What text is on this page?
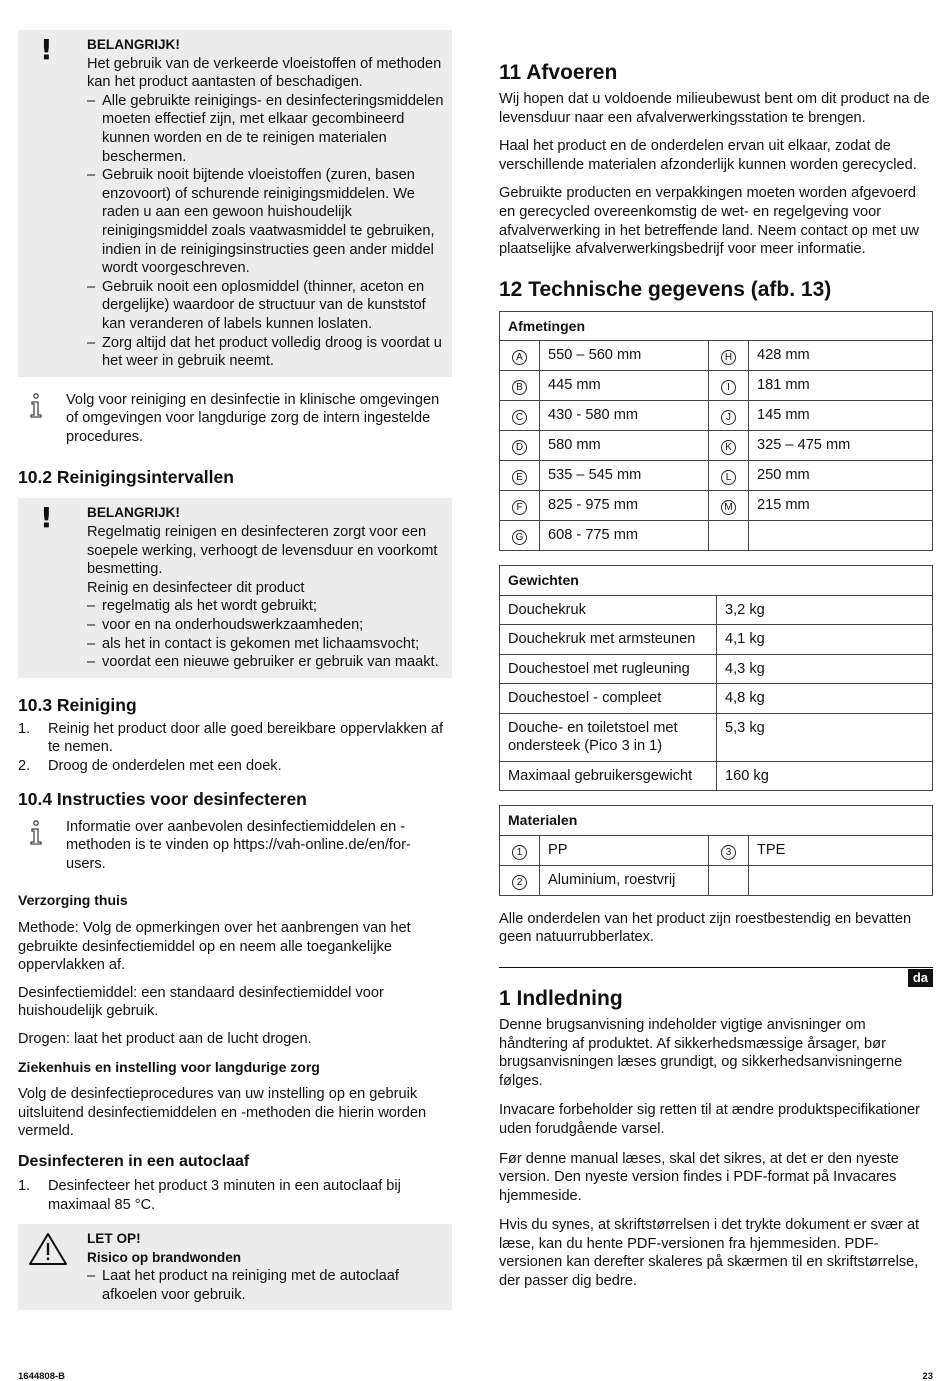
!	BELANGRIJK!

Het gebruik van de verkeerde vloeistoffen of methoden kan het product aantasten of beschadigen.

– Alle gebruikte reinigings- en desinfecteringsmiddelen moeten effectief zijn, met elkaar gecombineerd kunnen worden en de te reinigen materialen beschermen.

– Gebruik nooit bijtende vloeistoffen (zuren, basen enzovoort) of schurende reinigingsmiddelen. We raden u aan een gewoon huishoudelijk reinigingsmiddel zoals vaatwasmiddel te gebruiken, indien in de reinigingsinstructies geen ander middel wordt voorgeschreven.

– Gebruik nooit een oplosmiddel (thinner, aceton en dergelijke) waardoor de structuur van de kunststof kan veranderen of labels kunnen loslaten.

– Zorg altijd dat het product volledig droog is voordat u het weer in gebruik neemt.

Volg voor reiniging en desinfectie in klinische omgevingen of omgevingen voor langdurige zorg de intern ingestelde procedures.

10.2 Reinigingsintervallen
!	BELANGRIJK!

Regelmatig reinigen en desinfecteren zorgt voor een soepele werking, verhoogt de levensduur en voorkomt besmetting.

Reinig en desinfecteer dit product

– regelmatig als het wordt gebruikt;

– voor en na onderhoudswerkzaamheden;

– als het in contact is gekomen met lichaamsvocht;

– voordat een nieuwe gebruiker er gebruik van maakt.

10.3 Reiniging
1. Reinig het product door alle goed bereikbare oppervlakken af te nemen.
2. Droog de onderdelen met een doek.
10.4 Instructies voor desinfecteren

Informatie over aanbevolen desinfectiemiddelen en -methoden is te vinden op https://vah-online.de/en/for-users.

Verzorging thuis

Methode: Volg de opmerkingen over het aanbrengen van het gebruikte desinfectiemiddel op en neem alle toegankelijke oppervlakken af.

Desinfectiemiddel: een standaard desinfectiemiddel voor huishoudelijk gebruik.

Drogen: laat het product aan de lucht drogen.

Ziekenhuis en instelling voor langdurige zorg

Volg de desinfectieprocedures van uw instelling op en gebruik uitsluitend desinfectiemiddelen en -methoden die hierin worden vermeld.

Desinfecteren in een autoclaaf
1. Desinfecteer het product 3 minuten in een autoclaaf bij maximaal 85 °C.

LET OP!

Risico op brandwonden

– Laat het product na reiniging met de autoclaaf afkoelen voor gebruik.

11 Afvoeren

Wij hopen dat u voldoende milieubewust bent om dit product na de levensduur naar een afvalverwerkingsstation te brengen.

Haal het product en de onderdelen ervan uit elkaar, zodat de verschillende materialen afzonderlijk kunnen worden gerecycled.

Gebruikte producten en verpakkingen moeten worden afgevoerd en gerecycled overeenkomstig de wet- en regelgeving voor afvalverwerking in het betreffende land. Neem contact op met uw plaatselijke afvalverwerkingsbedrijf voor meer informatie.

12 Technische gegevens (afb. 13)
Afmetingen			
A	550 – 560 mm	H	428 mm
B	445 mm	I	181 mm
C	430 - 580 mm	J	145 mm
D	580 mm	K	325 – 475 mm
E	535 – 545 mm	L	250 mm
F	825 - 975 mm	M	215 mm
G	608 - 775 mm		
Gewichten	
Douchekruk	3,2 kg
Douchekruk met armsteunen	4,1 kg
Douchestoel met rugleuning	4,3 kg
Douchestoel - compleet	4,8 kg
Douche- en toiletstoel met ondersteek (Pico 3 in 1)	5,3 kg
Maximaal gebruikersgewicht	160 kg
Materialen			
1	PP	3	TPE
2	Aluminium, roestvrij		

Alle onderdelen van het product zijn roestbestendig en bevatten geen natuurrubberlatex.

da
1 Indledning

Denne brugsanvisning indeholder vigtige anvisninger om håndtering af produktet. Af sikkerhedsmæssige årsager, bør brugsanvisningen læses grundigt, og sikkerhedsanvisningerne følges.

Invacare forbeholder sig retten til at ændre produktspecifikationer uden forudgående varsel.

Før denne manual læses, skal det sikres, at det er den nyeste version. Den nyeste version findes i PDF-format på Invacares hjemmeside.

Hvis du synes, at skriftstørrelsen i det trykte dokument er svær at læse, kan du hente PDF-versionen fra hjemmesiden. PDF-versionen kan derefter skaleres på skærmen til en skriftstørrelse, der passer dig bedre.

1644808-B	23
